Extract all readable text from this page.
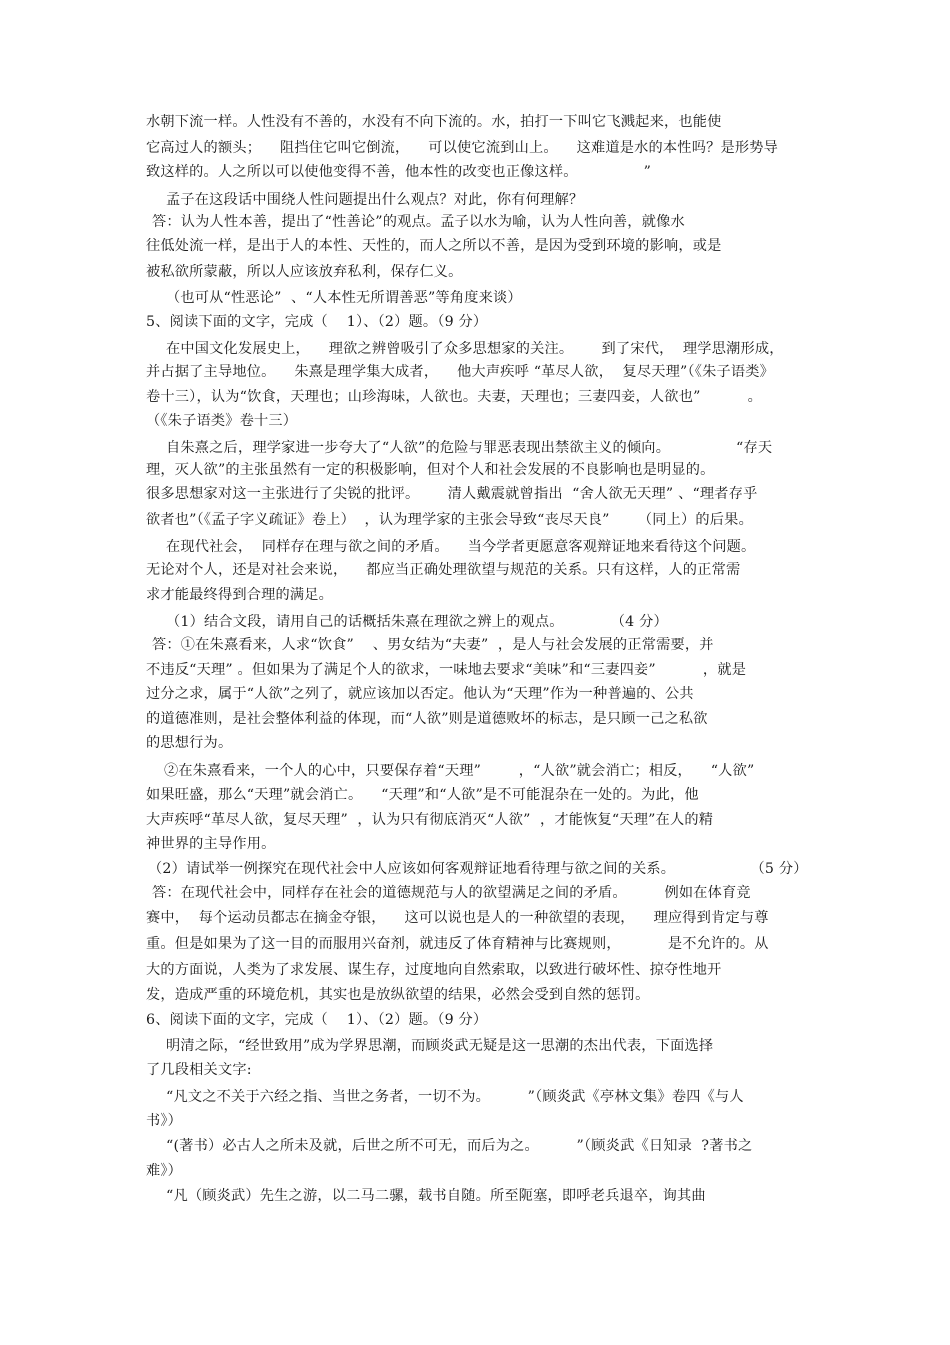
水朝下流一样。人性没有不善的，水没有不向下流的。水，拍打一下叫它飞溅起来，也能使
它高过人的额头；    阻挡住它叫它倒流，    可以使它流到山上。    这难道是水的本性吗？是形势导
致这样的。人之所以可以使他变得不善，他本性的改变也正像这样。              ”
孟子在这段话中围绕人性问题提出什么观点？对此，你有何理解？
答：认为人性本善，提出了“性善论”的观点。孟子以水为喻，认为人性向善，就像水
往低处流一样，是出于人的本性、天性的，而人之所以不善，是因为受到环境的影响，或是
被私欲所蒙蔽，所以人应该放弃私利，保存仁义。
（也可从“性恶论”  、“人本性无所谓善恶”等角度来谈）
5、阅读下面的文字，完成（    1）、（2）题。（9 分）
在中国文化发展史上，    理欲之辨曾吸引了众多思想家的关注。      到了宋代，  理学思潮形成，
并占据了主导地位。    朱熹是理学集大成者，    他大声疾呼 “革尽人欲，  复尽天理”（《朱子语类》
卷十三），认为“饮食，天理也；山珍海味，人欲也。夫妻，天理也；三妻四妾，人欲也”          。
（《朱子语类》卷十三）
自朱熹之后，理学家进一步夸大了“人欲”的危险与罪恶表现出禁欲主义的倾向。              “存天
理，灭人欲”的主张虽然有一定的积极影响，但对个人和社会发展的不良影响也是明显的。
很多思想家对这一主张进行了尖锐的批评。      清人戴震就曾指出  “舍人欲无天理” 、“理者存乎
欲者也”（《孟子字义疏证》卷上）  ，认为理学家的主张会导致“丧尽天良”      （同上）的后果。
在现代社会，  同样存在理与欲之间的矛盾。    当今学者更愿意客观辩证地来看待这个问题。
无论对个人，还是对社会来说，    都应当正确处理欲望与规范的关系。只有这样，人的正常需
求才能最终得到合理的满足。
（1）结合文段，请用自己的话概括朱熹在理欲之辨上的观点。          （4 分）
答：①在朱熹看来，人求“饮食”    、男女结为“夫妻”  ，是人与社会发展的正常需要，并
不违反“天理” 。但如果为了满足个人的欲求，一味地去要求“美味”和“三妻四妾”          ，就是
过分之求，属于“人欲”之列了，就应该加以否定。他认为“天理”作为一种普遍的、公共
的道德准则，是社会整体利益的体现，而“人欲”则是道德败坏的标志，是只顾一己之私欲
的思想行为。
②在朱熹看来，一个人的心中，只要保存着“天理”        ，“人欲”就会消亡；相反，    “人欲”
如果旺盛，那么“天理”就会消亡。    “天理”和“人欲”是不可能混杂在一处的。为此，他
大声疾呼“革尽人欲，复尽天理”  ，认为只有彻底消灭“人欲”  ，才能恢复“天理”在人的精
神世界的主导作用。
（2）请试举一例探究在现代社会中人应该如何客观辩证地看待理与欲之间的关系。                （5 分）
答：在现代社会中，同样存在社会的道德规范与人的欲望满足之间的矛盾。        例如在体育竞
赛中，  每个运动员都志在摘金夺银，    这可以说也是人的一种欲望的表现，    理应得到肯定与尊
重。但是如果为了这一目的而服用兴奋剂，就违反了体育精神与比赛规则，          是不允许的。从
大的方面说，人类为了求发展、谋生存，过度地向自然索取，以致进行破坏性、掠夺性地开
发，造成严重的环境危机，其实也是放纵欲望的结果，必然会受到自然的惩罚。
6、阅读下面的文字，完成（    1）、（2）题。（9 分）
明清之际，“经世致用”成为学界思潮，而顾炎武无疑是这一思潮的杰出代表，下面选择
了几段相关文字:
“凡文之不关于六经之指、当世之务者，一切不为。        ”（顾炎武《亭林文集》卷四《与人
书》）
“(著书）必古人之所未及就，后世之所不可无，而后为之。        ”（顾炎武《日知录  ?著书之
难》）
“凡（顾炎武）先生之游，以二马二骡，载书自随。所至阨塞，即呼老兵退卒，询其曲
